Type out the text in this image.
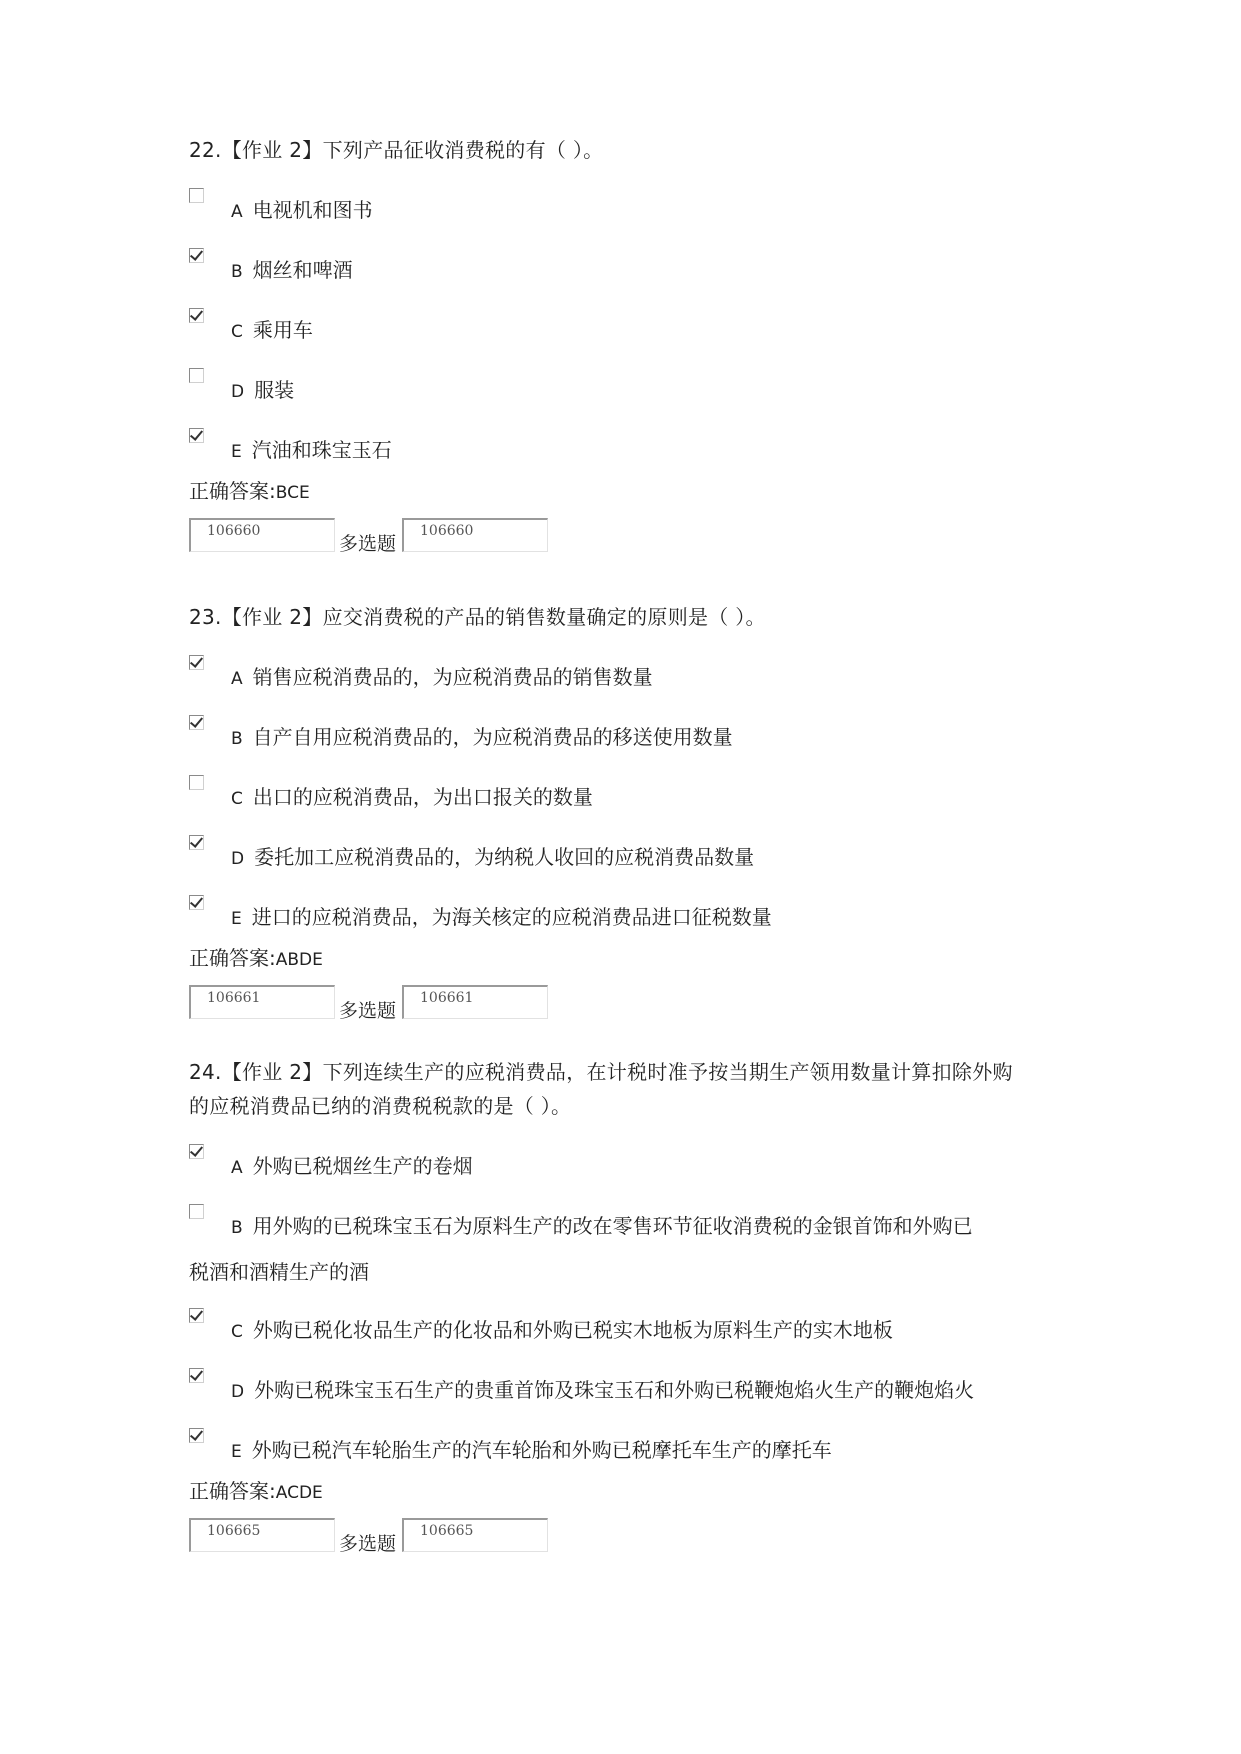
22.【作业 2】下列产品征收消费税的有（ ）。

A 电视机和图书
B 烟丝和啤酒
C 乘用车
D 服装
E 汽油和珠宝玉石

正确答案:BCE

106660
多选题
106660

23.【作业 2】应交消费税的产品的销售数量确定的原则是（ ）。

A 销售应税消费品的，为应税消费品的销售数量
B 自产自用应税消费品的，为应税消费品的移送使用数量
C 出口的应税消费品，为出口报关的数量
D 委托加工应税消费品的，为纳税人收回的应税消费品数量
E 进口的应税消费品，为海关核定的应税消费品进口征税数量

正确答案:ABDE

106661
多选题
106661

24.【作业 2】下列连续生产的应税消费品，在计税时准予按当期生产领用数量计算扣除外购

的应税消费品已纳的消费税税款的是（ ）。

A 外购已税烟丝生产的卷烟
B 用外购的已税珠宝玉石为原料生产的改在零售环节征收消费税的金银首饰和外购已
税酒和酒精生产的酒
C 外购已税化妆品生产的化妆品和外购已税实木地板为原料生产的实木地板
D 外购已税珠宝玉石生产的贵重首饰及珠宝玉石和外购已税鞭炮焰火生产的鞭炮焰火
E 外购已税汽车轮胎生产的汽车轮胎和外购已税摩托车生产的摩托车

正确答案:ACDE

106665
多选题
106665
